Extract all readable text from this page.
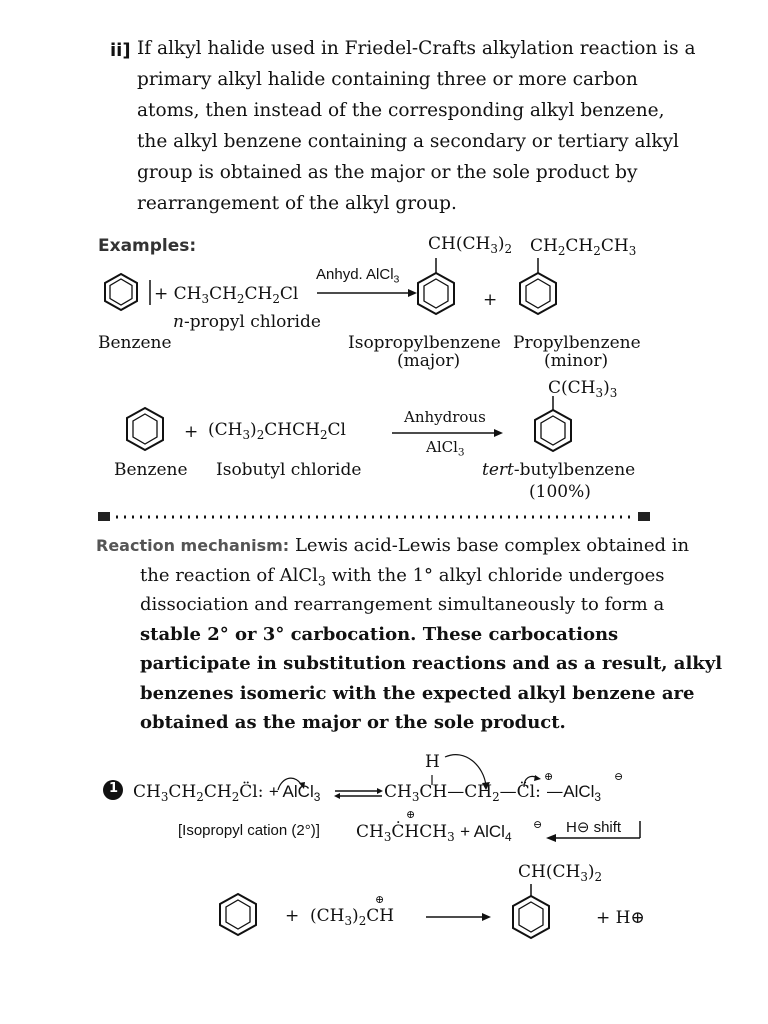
ii] If alkyl halide used in Friedel-Crafts alkylation reaction is a
primary alkyl halide containing three or more carbon
atoms, then instead of the corresponding alkyl benzene,
the alkyl benzene containing a secondary or tertiary alkyl
group is obtained as the major or the sole product by
rearrangement of the alkyl group.
Examples:
+ $CH_3CH_2CH_2Cl$
n-propyl chloride
Benzene
Anhyd. AlCl$_3$
$CH(CH_3)_2$ $CH_2CH_2CH_3$
+
Isopropylbenzene
(major)
Propylbenzene
(minor)
$C(CH_3)_3$
+ $(CH_3)_2CHCH_2Cl$
Anhydrous
AlCl$_3$
Benzene Isobutyl chloride	tert-butylbenzene
(100%)
Reaction mechanism: Lewis acid-Lewis base complex obtained in
the reaction of AlCl$_3$ with the 1° alkyl chloride undergoes
dissociation and rearrangement simultaneously to form a
stable 2° or 3° carbocation. These carbocations
participate in substitution reactions and as a result, alkyl
benzenes isomeric with the expected alkyl benzene are
obtained as the major or the sole product.
1
H
$CH_3CH_2CH_2C̈l$: + AlCl$_3$	$CH_3CH—CH_2—C̈l$: —AlCl$_3$
⊕	⊖
[Isopropyl cation (2°)] $CH_3ĊHCH_3$ + AlCl$_4$
⊕
⊖ H⊖ shift
$CH(CH_3)_2$
+ $(CH_3)_2CH$
⊕
+ H⊕
